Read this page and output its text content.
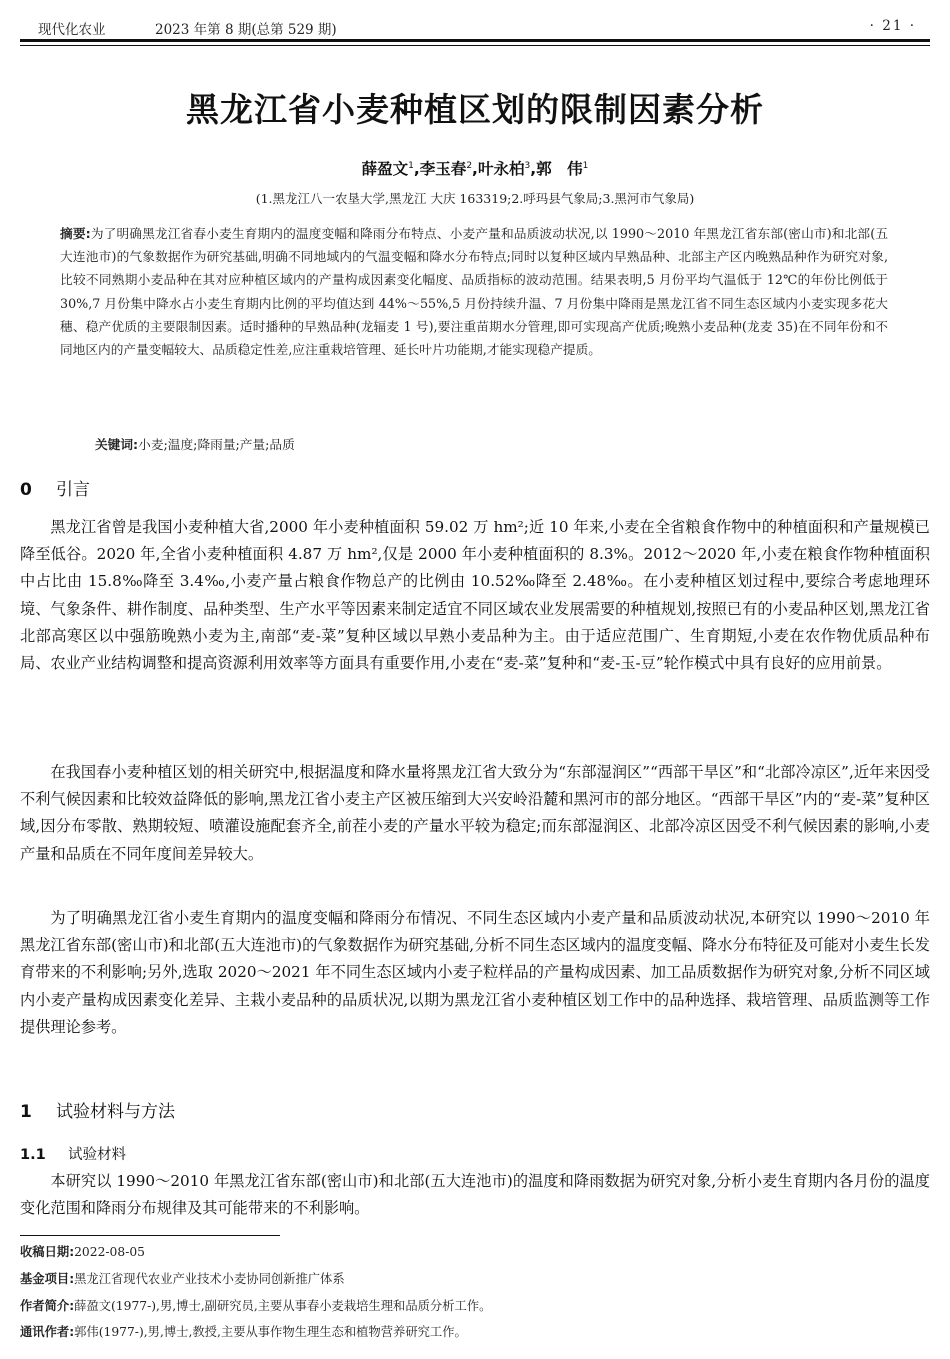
现代化农业	2023 年第 8 期(总第 529 期)	· 21 ·
黑龙江省小麦种植区划的限制因素分析
薛盈文$^1$,李玉春$^2$,叶永柏$^3$,郭　伟$^1$
(1.黑龙江八一农垦大学,黑龙江 大庆 163319;2.呼玛县气象局;3.黑河市气象局)
摘要:为了明确黑龙江省春小麦生育期内的温度变幅和降雨分布特点、小麦产量和品质波动状况,以 1990～2010 年黑龙江省东部(密山市)和北部(五大连池市)的气象数据作为研究基础,明确不同地域内的气温变幅和降水分布特点;同时以复种区域内早熟品种、北部主产区内晚熟品种作为研究对象,比较不同熟期小麦品种在其对应种植区域内的产量构成因素变化幅度、品质指标的波动范围。结果表明,5 月份平均气温低于 12℃的年份比例低于 30%,7 月份集中降水占小麦生育期内比例的平均值达到 44%～55%,5 月份持续升温、7 月份集中降雨是黑龙江省不同生态区域内小麦实现多花大穗、稳产优质的主要限制因素。适时播种的早熟品种(龙辐麦 1 号),要注重苗期水分管理,即可实现高产优质;晚熟小麦品种(龙麦 35)在不同年份和不同地区内的产量变幅较大、品质稳定性差,应注重栽培管理、延长叶片功能期,才能实现稳产提质。
关键词:小麦;温度;降雨量;产量;品质
0 引言
黑龙江省曾是我国小麦种植大省,2000 年小麦种植面积 59.02 万 hm²;近 10 年来,小麦在全省粮食作物中的种植面积和产量规模已降至低谷。2020 年,全省小麦种植面积 4.87 万 hm²,仅是 2000 年小麦种植面积的 8.3%。2012～2020 年,小麦在粮食作物种植面积中占比由 15.8‰降至 3.4‰,小麦产量占粮食作物总产的比例由 10.52‰降至 2.48‰。在小麦种植区划过程中,要综合考虑地理环境、气象条件、耕作制度、品种类型、生产水平等因素来制定适宜不同区域农业发展需要的种植规划,按照已有的小麦品种区划,黑龙江省北部高寒区以中强筋晚熟小麦为主,南部“麦-菜”复种区域以早熟小麦品种为主。由于适应范围广、生育期短,小麦在农作物优质品种布局、农业产业结构调整和提高资源利用效率等方面具有重要作用,小麦在“麦-菜”复种和“麦-玉-豆”轮作模式中具有良好的应用前景。
在我国春小麦种植区划的相关研究中,根据温度和降水量将黑龙江省大致分为“东部湿润区”“西部干旱区”和“北部冷凉区”,近年来因受不利气候因素和比较效益降低的影响,黑龙江省小麦主产区被压缩到大兴安岭沿麓和黑河市的部分地区。“西部干旱区”内的“麦-菜”复种区域,因分布零散、熟期较短、喷灌设施配套齐全,前茬小麦的产量水平较为稳定;而东部湿润区、北部冷凉区因受不利气候因素的影响,小麦产量和品质在不同年度间差异较大。
为了明确黑龙江省小麦生育期内的温度变幅和降雨分布情况、不同生态区域内小麦产量和品质波动状况,本研究以 1990～2010 年黑龙江省东部(密山市)和北部(五大连池市)的气象数据作为研究基础,分析不同生态区域内的温度变幅、降水分布特征及可能对小麦生长发育带来的不利影响;另外,选取 2020～2021 年不同生态区域内小麦子粒样品的产量构成因素、加工品质数据作为研究对象,分析不同区域内小麦产量构成因素变化差异、主栽小麦品种的品质状况,以期为黑龙江省小麦种植区划工作中的品种选择、栽培管理、品质监测等工作提供理论参考。
1 试验材料与方法
1.1 试验材料
本研究以 1990～2010 年黑龙江省东部(密山市)和北部(五大连池市)的温度和降雨数据为研究对象,分析小麦生育期内各月份的温度变化范围和降雨分布规律及其可能带来的不利影响。
收稿日期:2022-08-05
基金项目:黑龙江省现代农业产业技术小麦协同创新推广体系
作者简介:薛盈文(1977-),男,博士,副研究员,主要从事春小麦栽培生理和品质分析工作。
通讯作者:郭伟(1977-),男,博士,教授,主要从事作物生理生态和植物营养研究工作。
